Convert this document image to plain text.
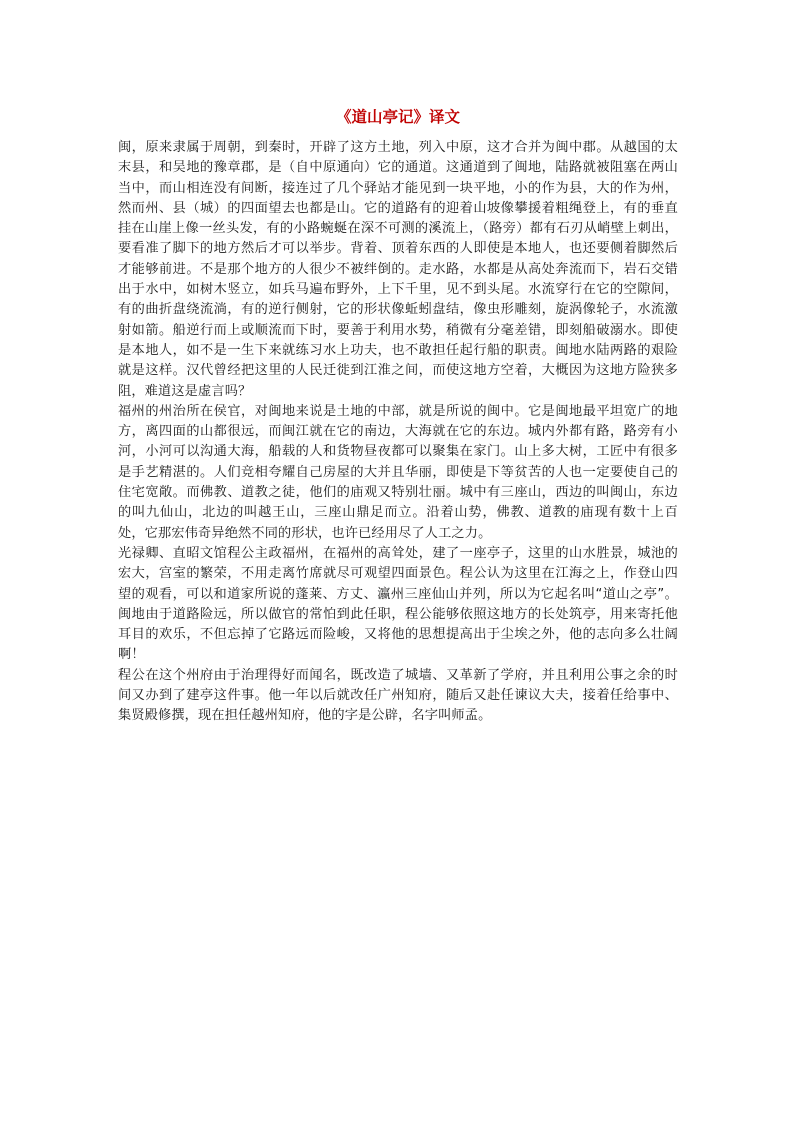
《道山亭记》译文

闽，原来隶属于周朝，到秦时，开辟了这方土地，列入中原，这才合并为闽中郡。从越国的太末县，和吴地的豫章郡，是（自中原通向）它的通道。这通道到了闽地，陆路就被阻塞在两山当中，而山相连没有间断，接连过了几个驿站才能见到一块平地，小的作为县，大的作为州，然而州、县（城）的四面望去也都是山。它的道路有的迎着山坡像攀援着粗绳登上，有的垂直挂在山崖上像一丝头发，有的小路蜿蜒在深不可测的溪流上，（路旁）都有石刃从峭壁上刺出，要看准了脚下的地方然后才可以举步。背着、顶着东西的人即使是本地人，也还要侧着脚然后才能够前进。不是那个地方的人很少不被绊倒的。走水路，水都是从高处奔流而下，岩石交错出于水中，如树木竖立，如兵马遍布野外，上下千里，见不到头尾。水流穿行在它的空隙间，有的曲折盘绕流淌，有的逆行侧射，它的形状像蚯蚓盘结，像虫形雕刻，旋涡像轮子，水流激射如箭。船逆行而上或顺流而下时，要善于利用水势，稍微有分毫差错，即刻船破溺水。即使是本地人，如不是一生下来就练习水上功夫，也不敢担任起行船的职责。闽地水陆两路的艰险就是这样。汉代曾经把这里的人民迁徙到江淮之间，而使这地方空着，大概因为这地方险狭多阻，难道这是虚言吗？

福州的州治所在侯官，对闽地来说是土地的中部，就是所说的闽中。它是闽地最平坦宽广的地方，离四面的山都很远，而闽江就在它的南边，大海就在它的东边。城内外都有路，路旁有小河，小河可以沟通大海，船载的人和货物昼夜都可以聚集在家门。山上多大树，工匠中有很多是手艺精湛的。人们竞相夸耀自己房屋的大并且华丽，即使是下等贫苦的人也一定要使自己的住宅宽敞。而佛教、道教之徒，他们的庙观又特别壮丽。城中有三座山，西边的叫闽山，东边的叫九仙山，北边的叫越王山，三座山鼎足而立。沿着山势，佛教、道教的庙现有数十上百处，它那宏伟奇异绝然不同的形状，也许已经用尽了人工之力。

光禄卿、直昭文馆程公主政福州，在福州的高耸处，建了一座亭子，这里的山水胜景，城池的宏大，宫室的繁荣，不用走离竹席就尽可观望四面景色。程公认为这里在江海之上，作登山四望的观看，可以和道家所说的蓬莱、方丈、瀛州三座仙山并列，所以为它起名叫“道山之亭”。闽地由于道路险远，所以做官的常怕到此任职，程公能够依照这地方的长处筑亭，用来寄托他耳目的欢乐，不但忘掉了它路远而险峻，又将他的思想提高出于尘埃之外，他的志向多么壮阔啊！

程公在这个州府由于治理得好而闻名，既改造了城墙、又革新了学府，并且利用公事之余的时间又办到了建亭这件事。他一年以后就改任广州知府，随后又赴任谏议大夫，接着任给事中、集贤殿修撰，现在担任越州知府，他的字是公辟，名字叫师孟。
